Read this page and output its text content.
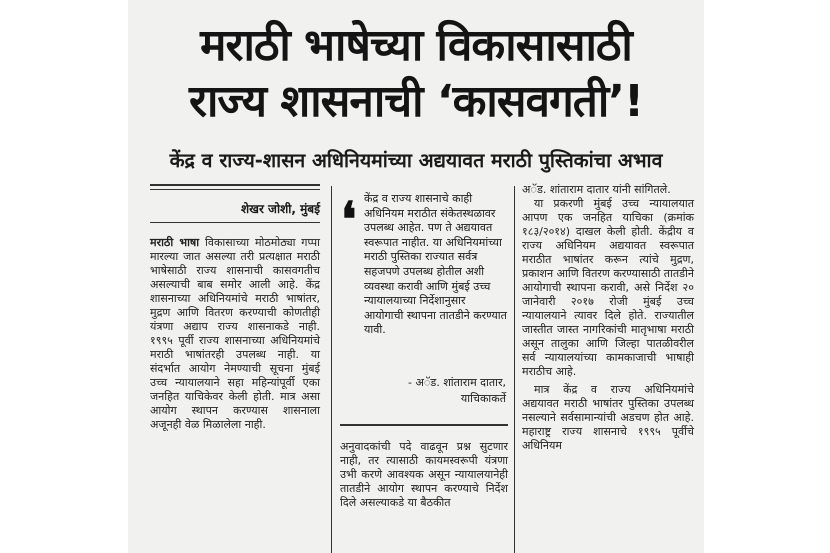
मराठी भाषेच्या विकासासाठी
राज्य शासनाची ‘कासवगती’!
केंद्र व राज्य-शासन अधिनियमांच्या अद्ययावत मराठी पुस्तिकांचा अभाव
शेखर जोशी, मुंबई

मराठी भाषा विकासाच्या मोठमोठ्या गप्पा मारल्या जात असल्या तरी प्रत्यक्षात मराठी भाषेसाठी राज्य शासनाची कासवगतीच असल्याची बाब समोर आली आहे. केंद्र शासनाच्या अधिनियमांचे मराठी भाषांतर, मुद्रण आणि वितरण करण्याची कोणतीही यंत्रणा अद्याप राज्य शासनाकडे नाही. १९९५ पूर्वी राज्य शासनाच्या अधिनियमांचे मराठी भाषांतरही उपलब्ध नाही. या संदर्भात आयोग नेमण्याची सूचना मुंबई उच्च न्यायालयाने सहा महिन्यांपूर्वी एका जनहित याचिकेवर केली होती. मात्र असा आयोग स्थापन करण्यास शासनाला अजूनही वेळ मिळालेला नाही.

❛ केंद्र व राज्य शासनाचे काही अधिनियम मराठीत संकेतस्थळावर उपलब्ध आहेत. पण ते अद्ययावत स्वरूपात नाहीत. या अधिनियमांच्या मराठी पुस्तिका राज्यात सर्वत्र सहजपणे उपलब्ध होतील अशी व्यवस्था करावी आणि मुंबई उच्च न्यायालयाच्या निर्देशानुसार आयोगाची स्थापना तातडीने करण्यात यावी.
- अॅड. शांताराम दातार,
याचिकाकर्ते

अनुवादकांची पदे वाढवून प्रश्न सुटणार नाही, तर त्यासाठी कायमस्वरूपी यंत्रणा उभी करणे आवश्यक असून न्यायालयानेही तातडीने आयोग स्थापन करण्याचे निर्देश दिले असल्याकडे या बैठकीत

अॅड. शांताराम दातार यांनी सांगितले.

या प्रकरणी मुंबई उच्च न्यायालयात आपण एक जनहित याचिका (क्रमांक १८३/२०१४) दाखल केली होती. केंद्रीय व राज्य अधिनियम अद्ययावत स्वरूपात मराठीत भाषांतर करून त्यांचे मुद्रण, प्रकाशन आणि वितरण करण्यासाठी तातडीने आयोगाची स्थापना करावी, असे निर्देश २० जानेवारी २०१७ रोजी मुंबई उच्च न्यायालयाने त्यावर दिले होते. राज्यातील जास्तीत जास्त नागरिकांची मातृभाषा मराठी असून तालुका आणि जिल्हा पातळीवरील सर्व न्यायालयांच्या कामकाजाची भाषाही मराठीच आहे.

मात्र केंद्र व राज्य अधिनियमांचे अद्ययावत मराठी भाषांतर पुस्तिका उपलब्ध नसल्याने सर्वसामान्यांची अडचण होत आहे. महाराष्ट्र राज्य शासनाचे १९९५ पूर्वीचे अधिनियम
